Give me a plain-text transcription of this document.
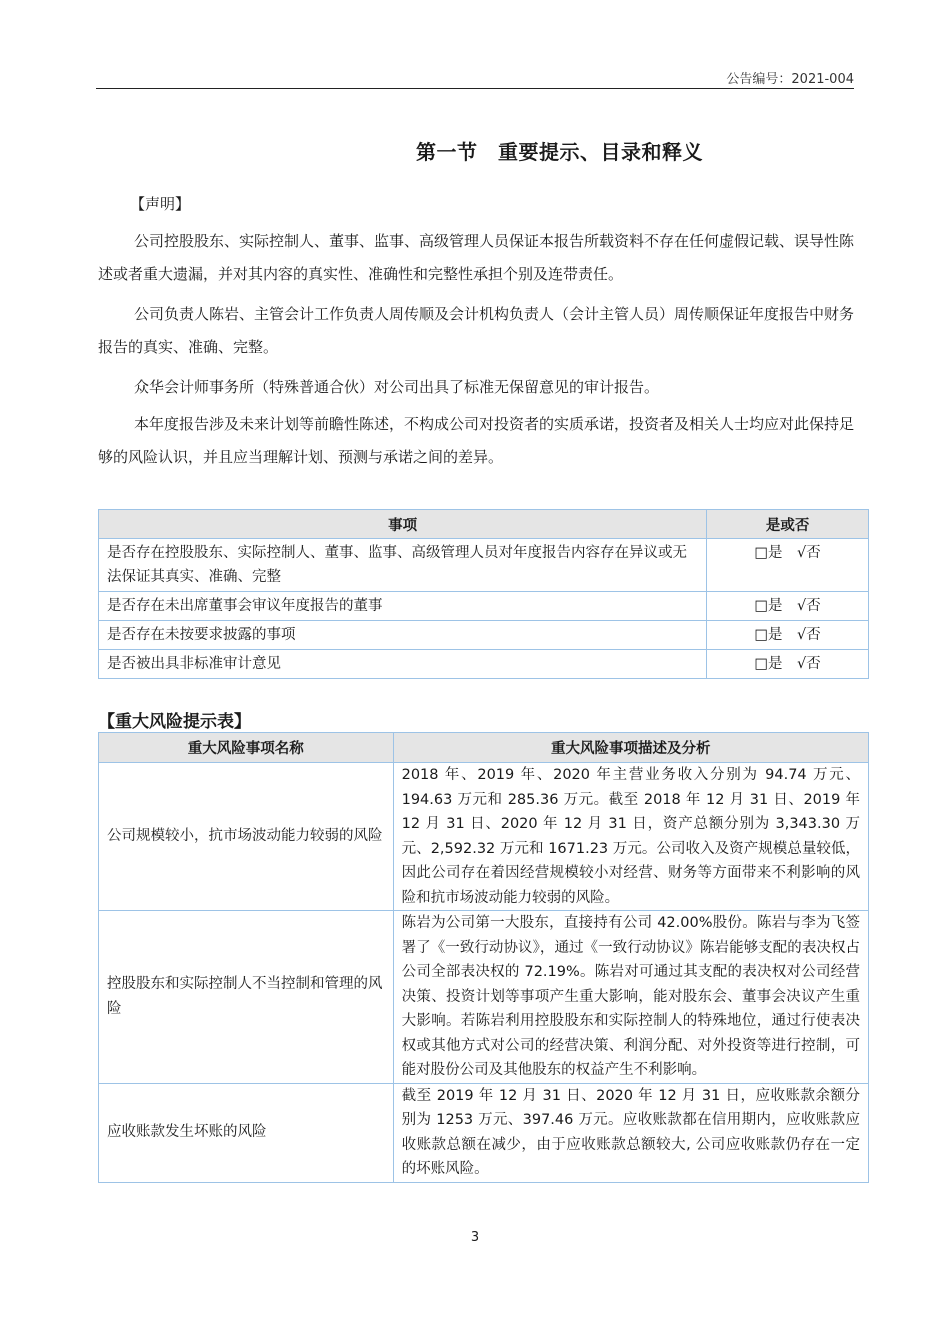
公告编号：2021-004
第一节　重要提示、目录和释义
【声明】

公司控股股东、实际控制人、董事、监事、高级管理人员保证本报告所载资料不存在任何虚假记载、误导性陈述或者重大遗漏，并对其内容的真实性、准确性和完整性承担个别及连带责任。

公司负责人陈岩、主管会计工作负责人周传顺及会计机构负责人（会计主管人员）周传顺保证年度报告中财务报告的真实、准确、完整。

众华会计师事务所（特殊普通合伙）对公司出具了标准无保留意见的审计报告。

本年度报告涉及未来计划等前瞻性陈述，不构成公司对投资者的实质承诺，投资者及相关人士均应对此保持足够的风险认识，并且应当理解计划、预测与承诺之间的差异。

事项	是或否
是否存在控股股东、实际控制人、董事、监事、高级管理人员对年度报告内容存在异议或无法保证其真实、准确、完整	□是　√否
是否存在未出席董事会审议年度报告的董事	□是　√否
是否存在未按要求披露的事项	□是　√否
是否被出具非标准审计意见	□是　√否
【重大风险提示表】
重大风险事项名称	重大风险事项描述及分析
公司规模较小，抗市场波动能力较弱的风险	2018 年、2019 年、2020 年主营业务收入分别为 94.74 万元、194.63 万元和 285.36 万元。截至 2018 年 12 月 31 日、2019 年 12 月 31 日、2020 年 12 月 31 日，资产总额分别为 3,343.30 万元、2,592.32 万元和 1671.23 万元。公司收入及资产规模总量较低，因此公司存在着因经营规模较小对经营、财务等方面带来不利影响的风险和抗市场波动能力较弱的风险。
控股股东和实际控制人不当控制和管理的风险	陈岩为公司第一大股东，直接持有公司 42.00%股份。陈岩与李为飞签署了《一致行动协议》，通过《一致行动协议》陈岩能够支配的表决权占公司全部表决权的 72.19%。陈岩对可通过其支配的表决权对公司经营决策、投资计划等事项产生重大影响，能对股东会、董事会决议产生重大影响。若陈岩利用控股股东和实际控制人的特殊地位，通过行使表决权或其他方式对公司的经营决策、利润分配、对外投资等进行控制，可能对股份公司及其他股东的权益产生不利影响。
应收账款发生坏账的风险	截至 2019 年 12 月 31 日、2020 年 12 月 31 日，应收账款余额分别为 1253 万元、397.46 万元。应收账款都在信用期内，应收账款应收账款总额在减少，由于应收账款总额较大, 公司应收账款仍存在一定的坏账风险。
3
